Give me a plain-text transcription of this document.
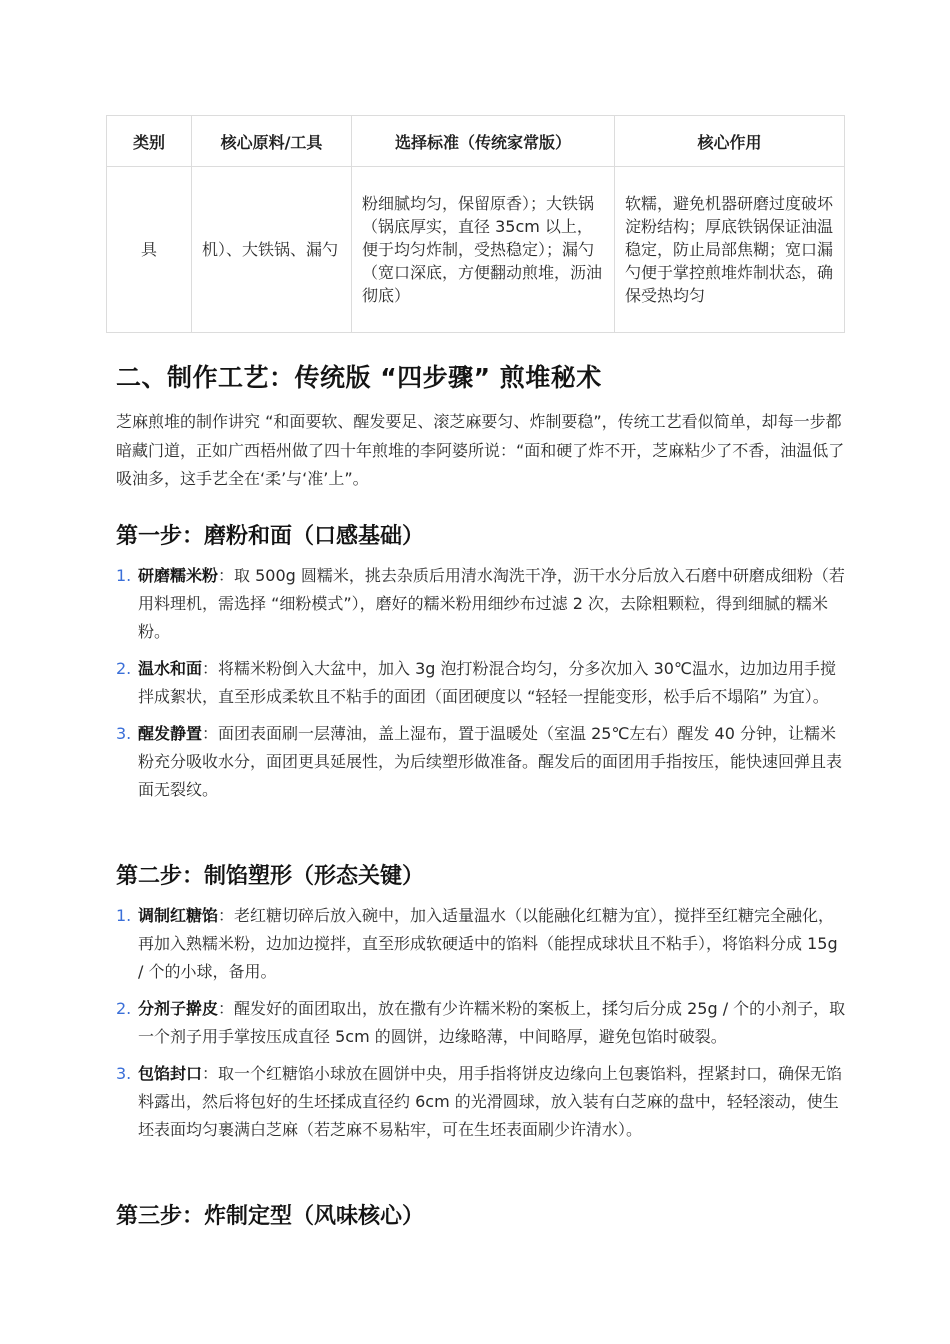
类别	核心原料/工具	选择标准（传统家常版）	核心作用
具	机）、大铁锅、漏勺	粉细腻均匀，保留原香）；大铁锅（锅底厚实，直径 35cm 以上，便于均匀炸制，受热稳定）；漏勺（宽口深底，方便翻动煎堆，沥油彻底）	软糯，避免机器研磨过度破坏淀粉结构；厚底铁锅保证油温稳定，防止局部焦糊；宽口漏勺便于掌控煎堆炸制状态，确保受热均匀
二、制作工艺：传统版 “四步骤” 煎堆秘术

芝麻煎堆的制作讲究 “和面要软、醒发要足、滚芝麻要匀、炸制要稳”，传统工艺看似简单，却每一步都暗藏门道，正如广西梧州做了四十年煎堆的李阿婆所说：“面和硬了炸不开，芝麻粘少了不香，油温低了吸油多，这手艺全在‘柔’与‘准’上”。

第一步：磨粉和面（口感基础）
1. 研磨糯米粉：取 500g 圆糯米，挑去杂质后用清水淘洗干净，沥干水分后放入石磨中研磨成细粉（若用料理机，需选择 “细粉模式”），磨好的糯米粉用细纱布过滤 2 次，去除粗颗粒，得到细腻的糯米粉。
2. 温水和面：将糯米粉倒入大盆中，加入 3g 泡打粉混合均匀，分多次加入 30℃温水，边加边用手搅拌成絮状，直至形成柔软且不粘手的面团（面团硬度以 “轻轻一捏能变形，松手后不塌陷” 为宜）。
3. 醒发静置：面团表面刷一层薄油，盖上湿布，置于温暖处（室温 25℃左右）醒发 40 分钟，让糯米粉充分吸收水分，面团更具延展性，为后续塑形做准备。醒发后的面团用手指按压，能快速回弹且表面无裂纹。
第二步：制馅塑形（形态关键）
1. 调制红糖馅：老红糖切碎后放入碗中，加入适量温水（以能融化红糖为宜），搅拌至红糖完全融化，再加入熟糯米粉，边加边搅拌，直至形成软硬适中的馅料（能捏成球状且不粘手），将馅料分成 15g / 个的小球，备用。
2. 分剂子擀皮：醒发好的面团取出，放在撒有少许糯米粉的案板上，揉匀后分成 25g / 个的小剂子，取一个剂子用手掌按压成直径 5cm 的圆饼，边缘略薄，中间略厚，避免包馅时破裂。
3. 包馅封口：取一个红糖馅小球放在圆饼中央，用手指将饼皮边缘向上包裹馅料，捏紧封口，确保无馅料露出，然后将包好的生坯揉成直径约 6cm 的光滑圆球，放入装有白芝麻的盘中，轻轻滚动，使生坯表面均匀裹满白芝麻（若芝麻不易粘牢，可在生坯表面刷少许清水）。
第三步：炸制定型（风味核心）
